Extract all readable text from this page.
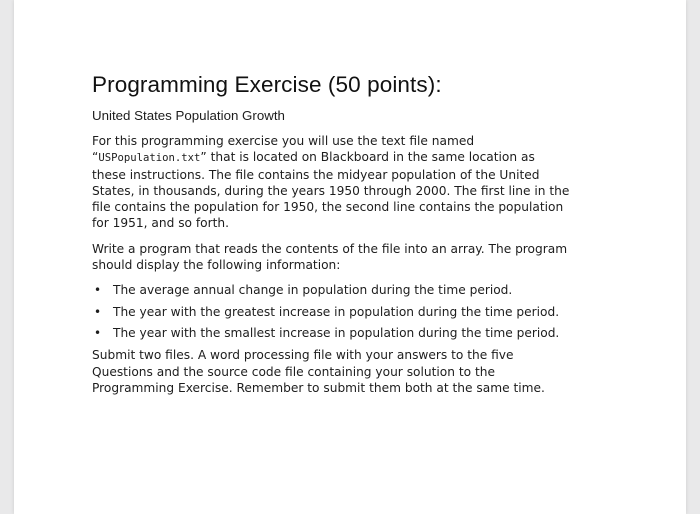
Programming Exercise (50 points):
United States Population Growth

For this programming exercise you will use the text file named “USPopulation.txt” that is located on Blackboard in the same location as these instructions. The file contains the midyear population of the United States, in thousands, during the years 1950 through 2000. The first line in the file contains the population for 1950, the second line contains the population for 1951, and so forth.

Write a program that reads the contents of the file into an array. The program should display the following information:

• The average annual change in population during the time period.
• The year with the greatest increase in population during the time period.
• The year with the smallest increase in population during the time period.

Submit two files. A word processing file with your answers to the five Questions and the source code file containing your solution to the Programming Exercise. Remember to submit them both at the same time.
